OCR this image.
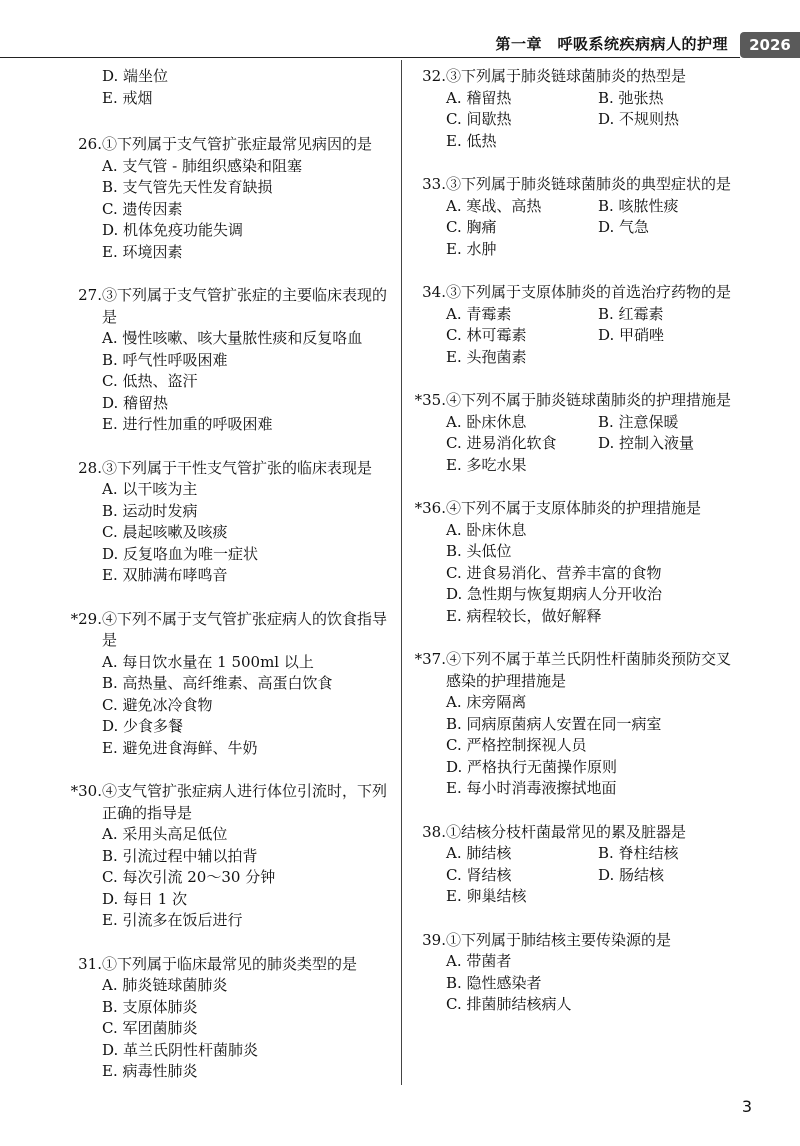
第一章　呼吸系统疾病病人的护理	2026
D. 端坐位
E. 戒烟
26. ①下列属于支气管扩张症最常见病因的是
A. 支气管 - 肺组织感染和阻塞
B. 支气管先天性发育缺损
C. 遗传因素
D. 机体免疫功能失调
E. 环境因素
27. ③下列属于支气管扩张症的主要临床表现的是
A. 慢性咳嗽、咳大量脓性痰和反复咯血
B. 呼气性呼吸困难
C. 低热、盗汗
D. 稽留热
E. 进行性加重的呼吸困难
28. ③下列属于干性支气管扩张的临床表现是
A. 以干咳为主
B. 运动时发病
C. 晨起咳嗽及咳痰
D. 反复咯血为唯一症状
E. 双肺满布哮鸣音
*29. ④下列不属于支气管扩张症病人的饮食指导是
A. 每日饮水量在 1 500ml 以上
B. 高热量、高纤维素、高蛋白饮食
C. 避免冰冷食物
D. 少食多餐
E. 避免进食海鲜、牛奶
*30. ④支气管扩张症病人进行体位引流时，下列正确的指导是
A. 采用头高足低位
B. 引流过程中辅以拍背
C. 每次引流 20～30 分钟
D. 每日 1 次
E. 引流多在饭后进行
31. ①下列属于临床最常见的肺炎类型的是
A. 肺炎链球菌肺炎
B. 支原体肺炎
C. 军团菌肺炎
D. 革兰氏阴性杆菌肺炎
E. 病毒性肺炎
32. ③下列属于肺炎链球菌肺炎的热型是
A. 稽留热	B. 弛张热
C. 间歇热	D. 不规则热
E. 低热
33. ③下列属于肺炎链球菌肺炎的典型症状的是
A. 寒战、高热	B. 咳脓性痰
C. 胸痛	D. 气急
E. 水肿
34. ③下列属于支原体肺炎的首选治疗药物的是
A. 青霉素	B. 红霉素
C. 林可霉素	D. 甲硝唑
E. 头孢菌素
*35. ④下列不属于肺炎链球菌肺炎的护理措施是
A. 卧床休息	B. 注意保暖
C. 进易消化软食	D. 控制入液量
E. 多吃水果
*36. ④下列不属于支原体肺炎的护理措施是
A. 卧床休息
B. 头低位
C. 进食易消化、营养丰富的食物
D. 急性期与恢复期病人分开收治
E. 病程较长，做好解释
*37. ④下列不属于革兰氏阴性杆菌肺炎预防交叉感染的护理措施是
A. 床旁隔离
B. 同病原菌病人安置在同一病室
C. 严格控制探视人员
D. 严格执行无菌操作原则
E. 每小时消毒液擦拭地面
38. ①结核分枝杆菌最常见的累及脏器是
A. 肺结核	B. 脊柱结核
C. 肾结核	D. 肠结核
E. 卵巢结核
39. ①下列属于肺结核主要传染源的是
A. 带菌者
B. 隐性感染者
C. 排菌肺结核病人
3
